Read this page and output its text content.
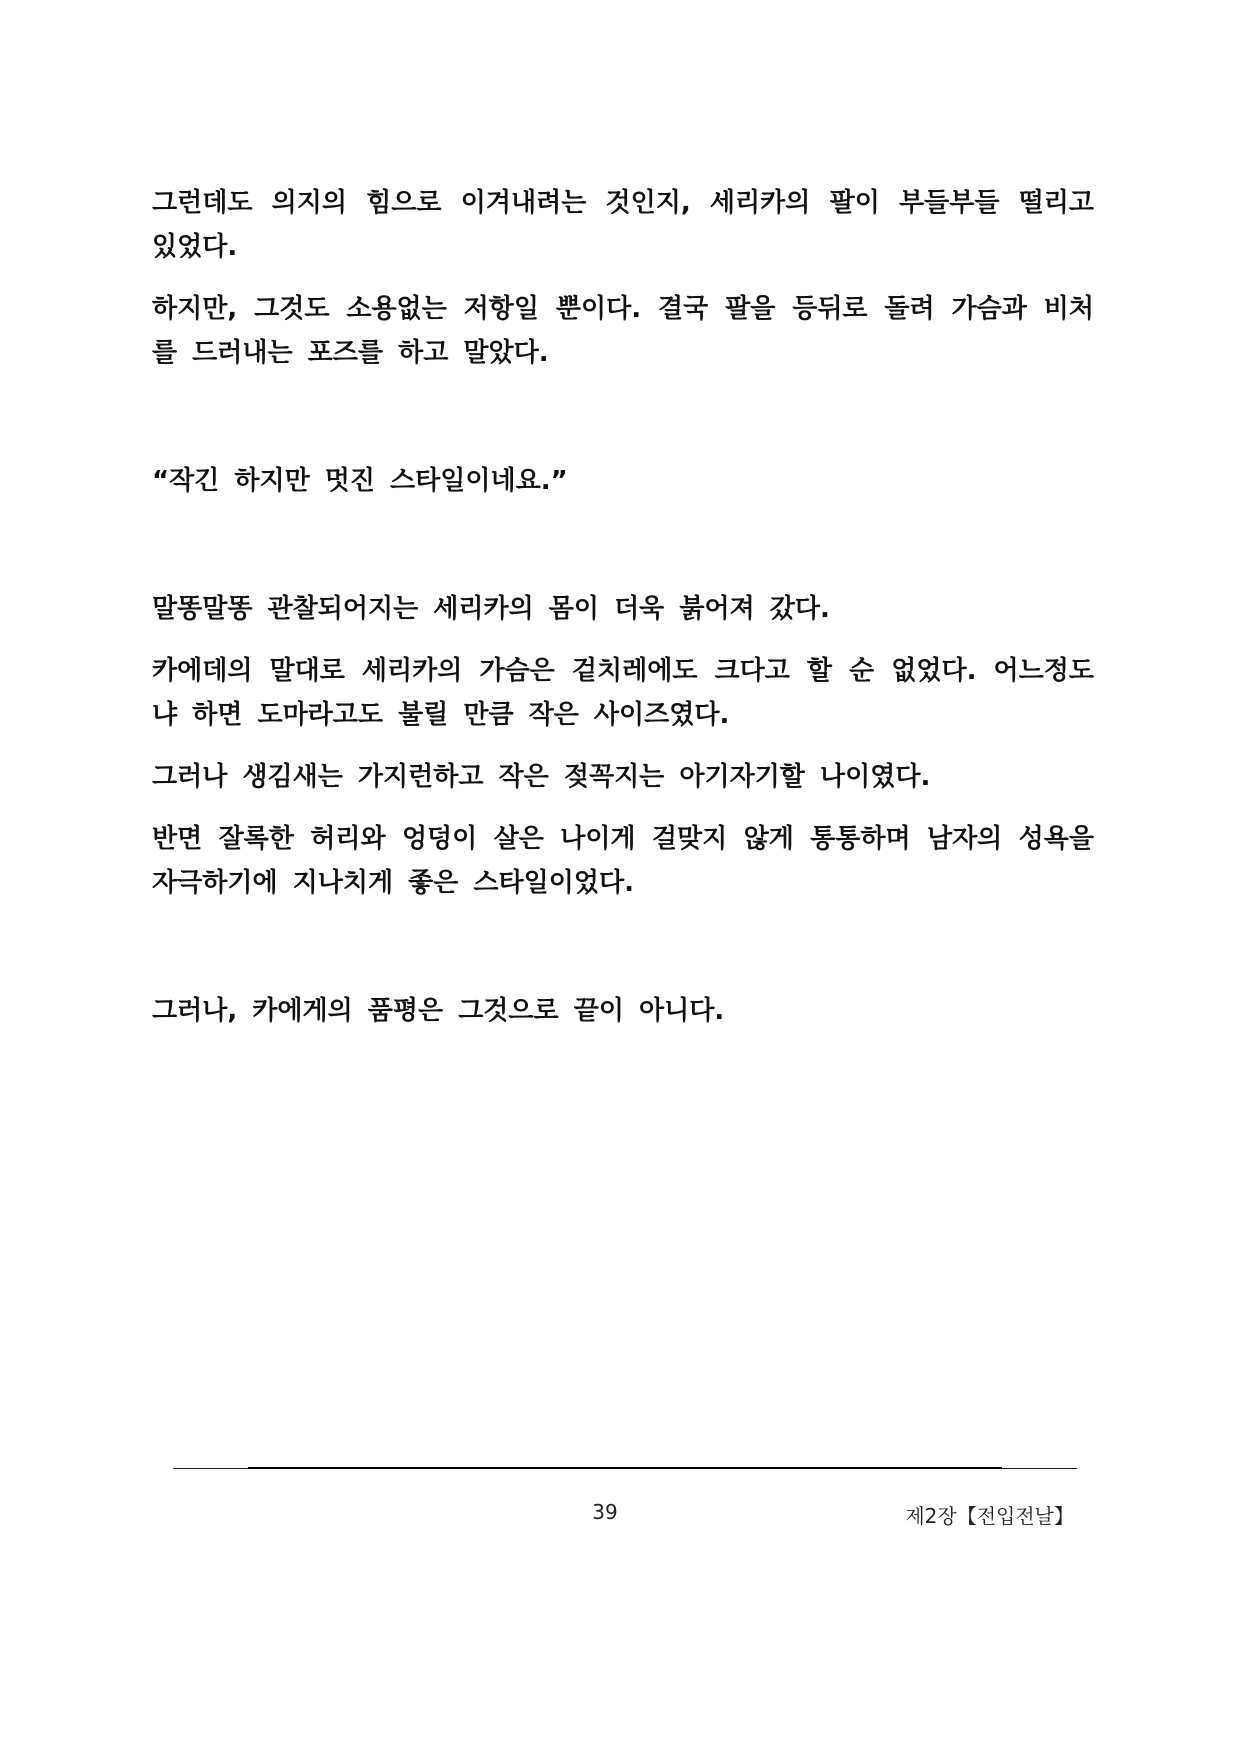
그런데도 의지의 힘으로 이겨내려는 것인지, 세리카의 팔이 부들부들 떨리고 있었다.

하지만, 그것도 소용없는 저항일 뿐이다. 결국 팔을 등뒤로 돌려 가슴과 비처를 드러내는 포즈를 하고 말았다.

“작긴 하지만 멋진 스타일이네요.”

말똥말똥 관찰되어지는 세리카의 몸이 더욱 붉어져 갔다.

카에데의 말대로 세리카의 가슴은 겉치레에도 크다고 할 순 없었다. 어느정도냐 하면 도마라고도 불릴 만큼 작은 사이즈였다.

그러나 생김새는 가지런하고 작은 젖꼭지는 아기자기할 나이였다.

반면 잘록한 허리와 엉덩이 살은 나이게 걸맞지 않게 통통하며 남자의 성욕을 자극하기에 지나치게 좋은 스타일이었다.

그러나, 카에게의 품평은 그것으로 끝이 아니다.

39	제2장【전입전날】
